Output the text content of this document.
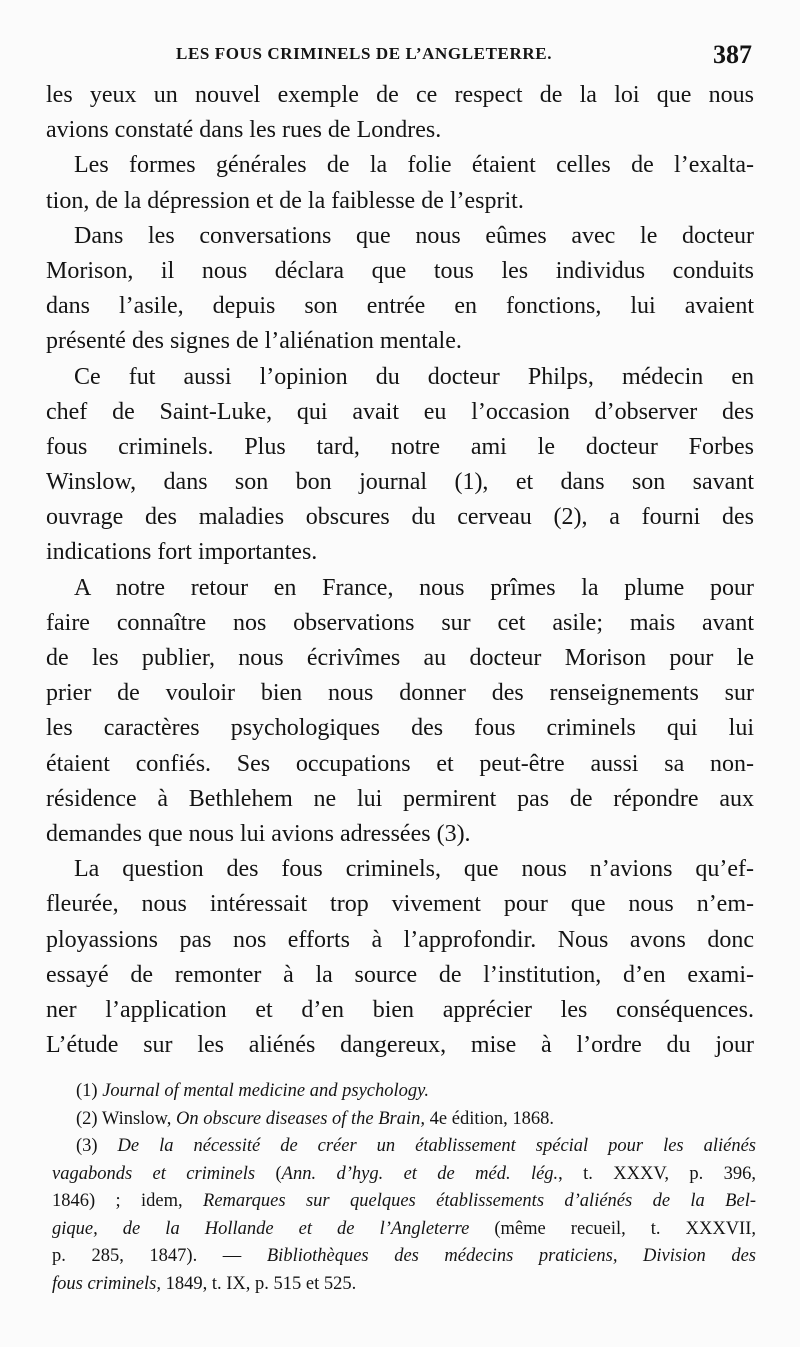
LES FOUS CRIMINELS DE L’ANGLETERRE.	387
les yeux un nouvel exemple de ce respect de la loi que nous
avions constaté dans les rues de Londres.
Les formes générales de la folie étaient celles de l’exalta-
tion, de la dépression et de la faiblesse de l’esprit.
Dans les conversations que nous eûmes avec le docteur
Morison, il nous déclara que tous les individus conduits
dans l’asile, depuis son entrée en fonctions, lui avaient
présenté des signes de l’aliénation mentale.
Ce fut aussi l’opinion du docteur Philps, médecin en
chef de Saint-Luke, qui avait eu l’occasion d’observer des
fous criminels. Plus tard, notre ami le docteur Forbes
Winslow, dans son bon journal (1), et dans son savant
ouvrage des maladies obscures du cerveau (2), a fourni des
indications fort importantes.
A notre retour en France, nous prîmes la plume pour
faire connaître nos observations sur cet asile; mais avant
de les publier, nous écrivîmes au docteur Morison pour le
prier de vouloir bien nous donner des renseignements sur
les caractères psychologiques des fous criminels qui lui
étaient confiés. Ses occupations et peut-être aussi sa non-
résidence à Bethlehem ne lui permirent pas de répondre aux
demandes que nous lui avions adressées (3).
La question des fous criminels, que nous n’avions qu’ef-
fleurée, nous intéressait trop vivement pour que nous n’em-
ployassions pas nos efforts à l’approfondir. Nous avons donc
essayé de remonter à la source de l’institution, d’en exami-
ner l’application et d’en bien apprécier les conséquences.
L’étude sur les aliénés dangereux, mise à l’ordre du jour
(1) Journal of mental medicine and psychology.
(2) Winslow, On obscure diseases of the Brain, 4e édition, 1868.
(3) De la nécessité de créer un établissement spécial pour les aliénés
vagabonds et criminels (Ann. d’hyg. et de méd. lég., t. XXXV, p. 396,
1846) ; idem, Remarques sur quelques établissements d’aliénés de la Bel-
gique, de la Hollande et de l’Angleterre (même recueil, t. XXXVII,
p. 285, 1847). — Bibliothèques des médecins praticiens, Division des
fous criminels, 1849, t. IX, p. 515 et 525.
